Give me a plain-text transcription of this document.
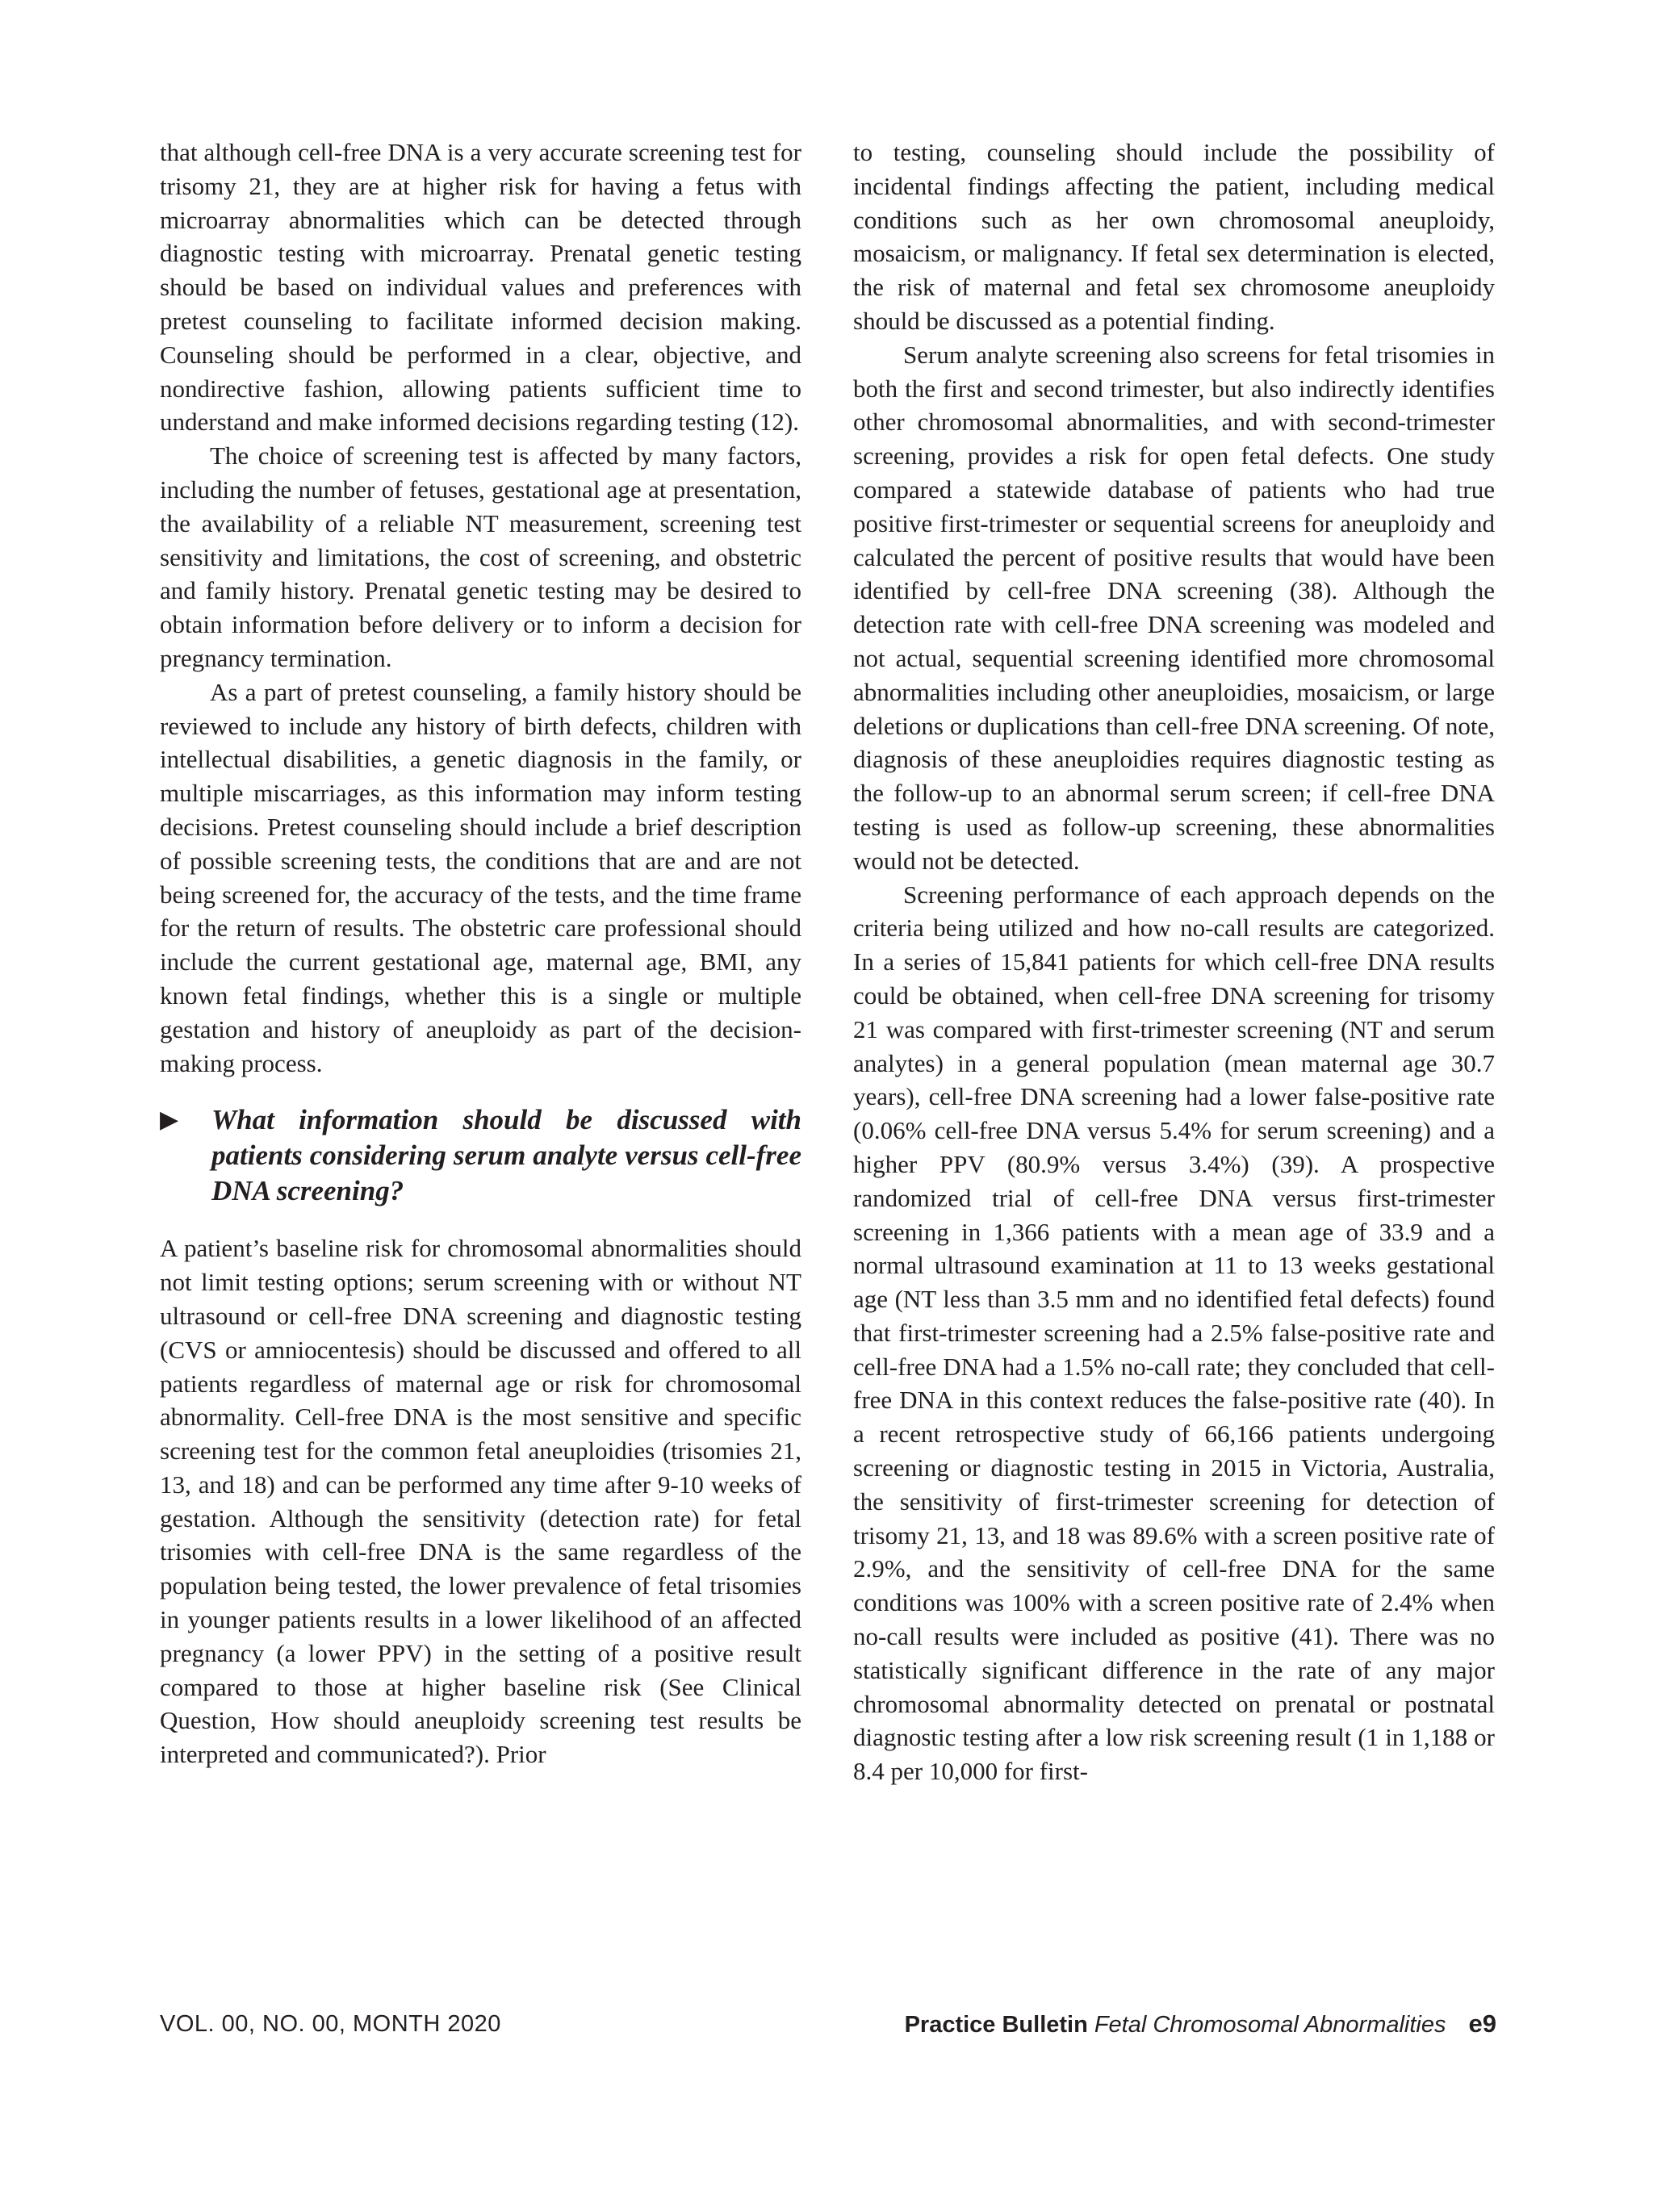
that although cell-free DNA is a very accurate screening test for trisomy 21, they are at higher risk for having a fetus with microarray abnormalities which can be detected through diagnostic testing with microarray. Prenatal genetic testing should be based on individual values and preferences with pretest counseling to facilitate informed decision making. Counseling should be performed in a clear, objective, and nondirective fashion, allowing patients sufficient time to understand and make informed decisions regarding testing (12).

The choice of screening test is affected by many factors, including the number of fetuses, gestational age at presentation, the availability of a reliable NT measurement, screening test sensitivity and limitations, the cost of screening, and obstetric and family history. Prenatal genetic testing may be desired to obtain information before delivery or to inform a decision for pregnancy termination.

As a part of pretest counseling, a family history should be reviewed to include any history of birth defects, children with intellectual disabilities, a genetic diagnosis in the family, or multiple miscarriages, as this information may inform testing decisions. Pretest counseling should include a brief description of possible screening tests, the conditions that are and are not being screened for, the accuracy of the tests, and the time frame for the return of results. The obstetric care professional should include the current gestational age, maternal age, BMI, any known fetal findings, whether this is a single or multiple gestation and history of aneuploidy as part of the decision-making process.

▶ What information should be discussed with patients considering serum analyte versus cell-free DNA screening?

A patient’s baseline risk for chromosomal abnormalities should not limit testing options; serum screening with or without NT ultrasound or cell-free DNA screening and diagnostic testing (CVS or amniocentesis) should be discussed and offered to all patients regardless of maternal age or risk for chromosomal abnormality. Cell-free DNA is the most sensitive and specific screening test for the common fetal aneuploidies (trisomies 21, 13, and 18) and can be performed any time after 9-10 weeks of gestation. Although the sensitivity (detection rate) for fetal trisomies with cell-free DNA is the same regardless of the population being tested, the lower prevalence of fetal trisomies in younger patients results in a lower likelihood of an affected pregnancy (a lower PPV) in the setting of a positive result compared to those at higher baseline risk (See Clinical Question, How should aneuploidy screening test results be interpreted and communicated?). Prior

to testing, counseling should include the possibility of incidental findings affecting the patient, including medical conditions such as her own chromosomal aneuploidy, mosaicism, or malignancy. If fetal sex determination is elected, the risk of maternal and fetal sex chromosome aneuploidy should be discussed as a potential finding.

Serum analyte screening also screens for fetal trisomies in both the first and second trimester, but also indirectly identifies other chromosomal abnormalities, and with second-trimester screening, provides a risk for open fetal defects. One study compared a statewide database of patients who had true positive first-trimester or sequential screens for aneuploidy and calculated the percent of positive results that would have been identified by cell-free DNA screening (38). Although the detection rate with cell-free DNA screening was modeled and not actual, sequential screening identified more chromosomal abnormalities including other aneuploidies, mosaicism, or large deletions or duplications than cell-free DNA screening. Of note, diagnosis of these aneuploidies requires diagnostic testing as the follow-up to an abnormal serum screen; if cell-free DNA testing is used as follow-up screening, these abnormalities would not be detected.

Screening performance of each approach depends on the criteria being utilized and how no-call results are categorized. In a series of 15,841 patients for which cell-free DNA results could be obtained, when cell-free DNA screening for trisomy 21 was compared with first-trimester screening (NT and serum analytes) in a general population (mean maternal age 30.7 years), cell-free DNA screening had a lower false-positive rate (0.06% cell-free DNA versus 5.4% for serum screening) and a higher PPV (80.9% versus 3.4%) (39). A prospective randomized trial of cell-free DNA versus first-trimester screening in 1,366 patients with a mean age of 33.9 and a normal ultrasound examination at 11 to 13 weeks gestational age (NT less than 3.5 mm and no identified fetal defects) found that first-trimester screening had a 2.5% false-positive rate and cell-free DNA had a 1.5% no-call rate; they concluded that cell-free DNA in this context reduces the false-positive rate (40). In a recent retrospective study of 66,166 patients undergoing screening or diagnostic testing in 2015 in Victoria, Australia, the sensitivity of first-trimester screening for detection of trisomy 21, 13, and 18 was 89.6% with a screen positive rate of 2.9%, and the sensitivity of cell-free DNA for the same conditions was 100% with a screen positive rate of 2.4% when no-call results were included as positive (41). There was no statistically significant difference in the rate of any major chromosomal abnormality detected on prenatal or postnatal diagnostic testing after a low risk screening result (1 in 1,188 or 8.4 per 10,000 for first-

VOL. 00, NO. 00, MONTH 2020	Practice Bulletin Fetal Chromosomal Abnormalities e9
